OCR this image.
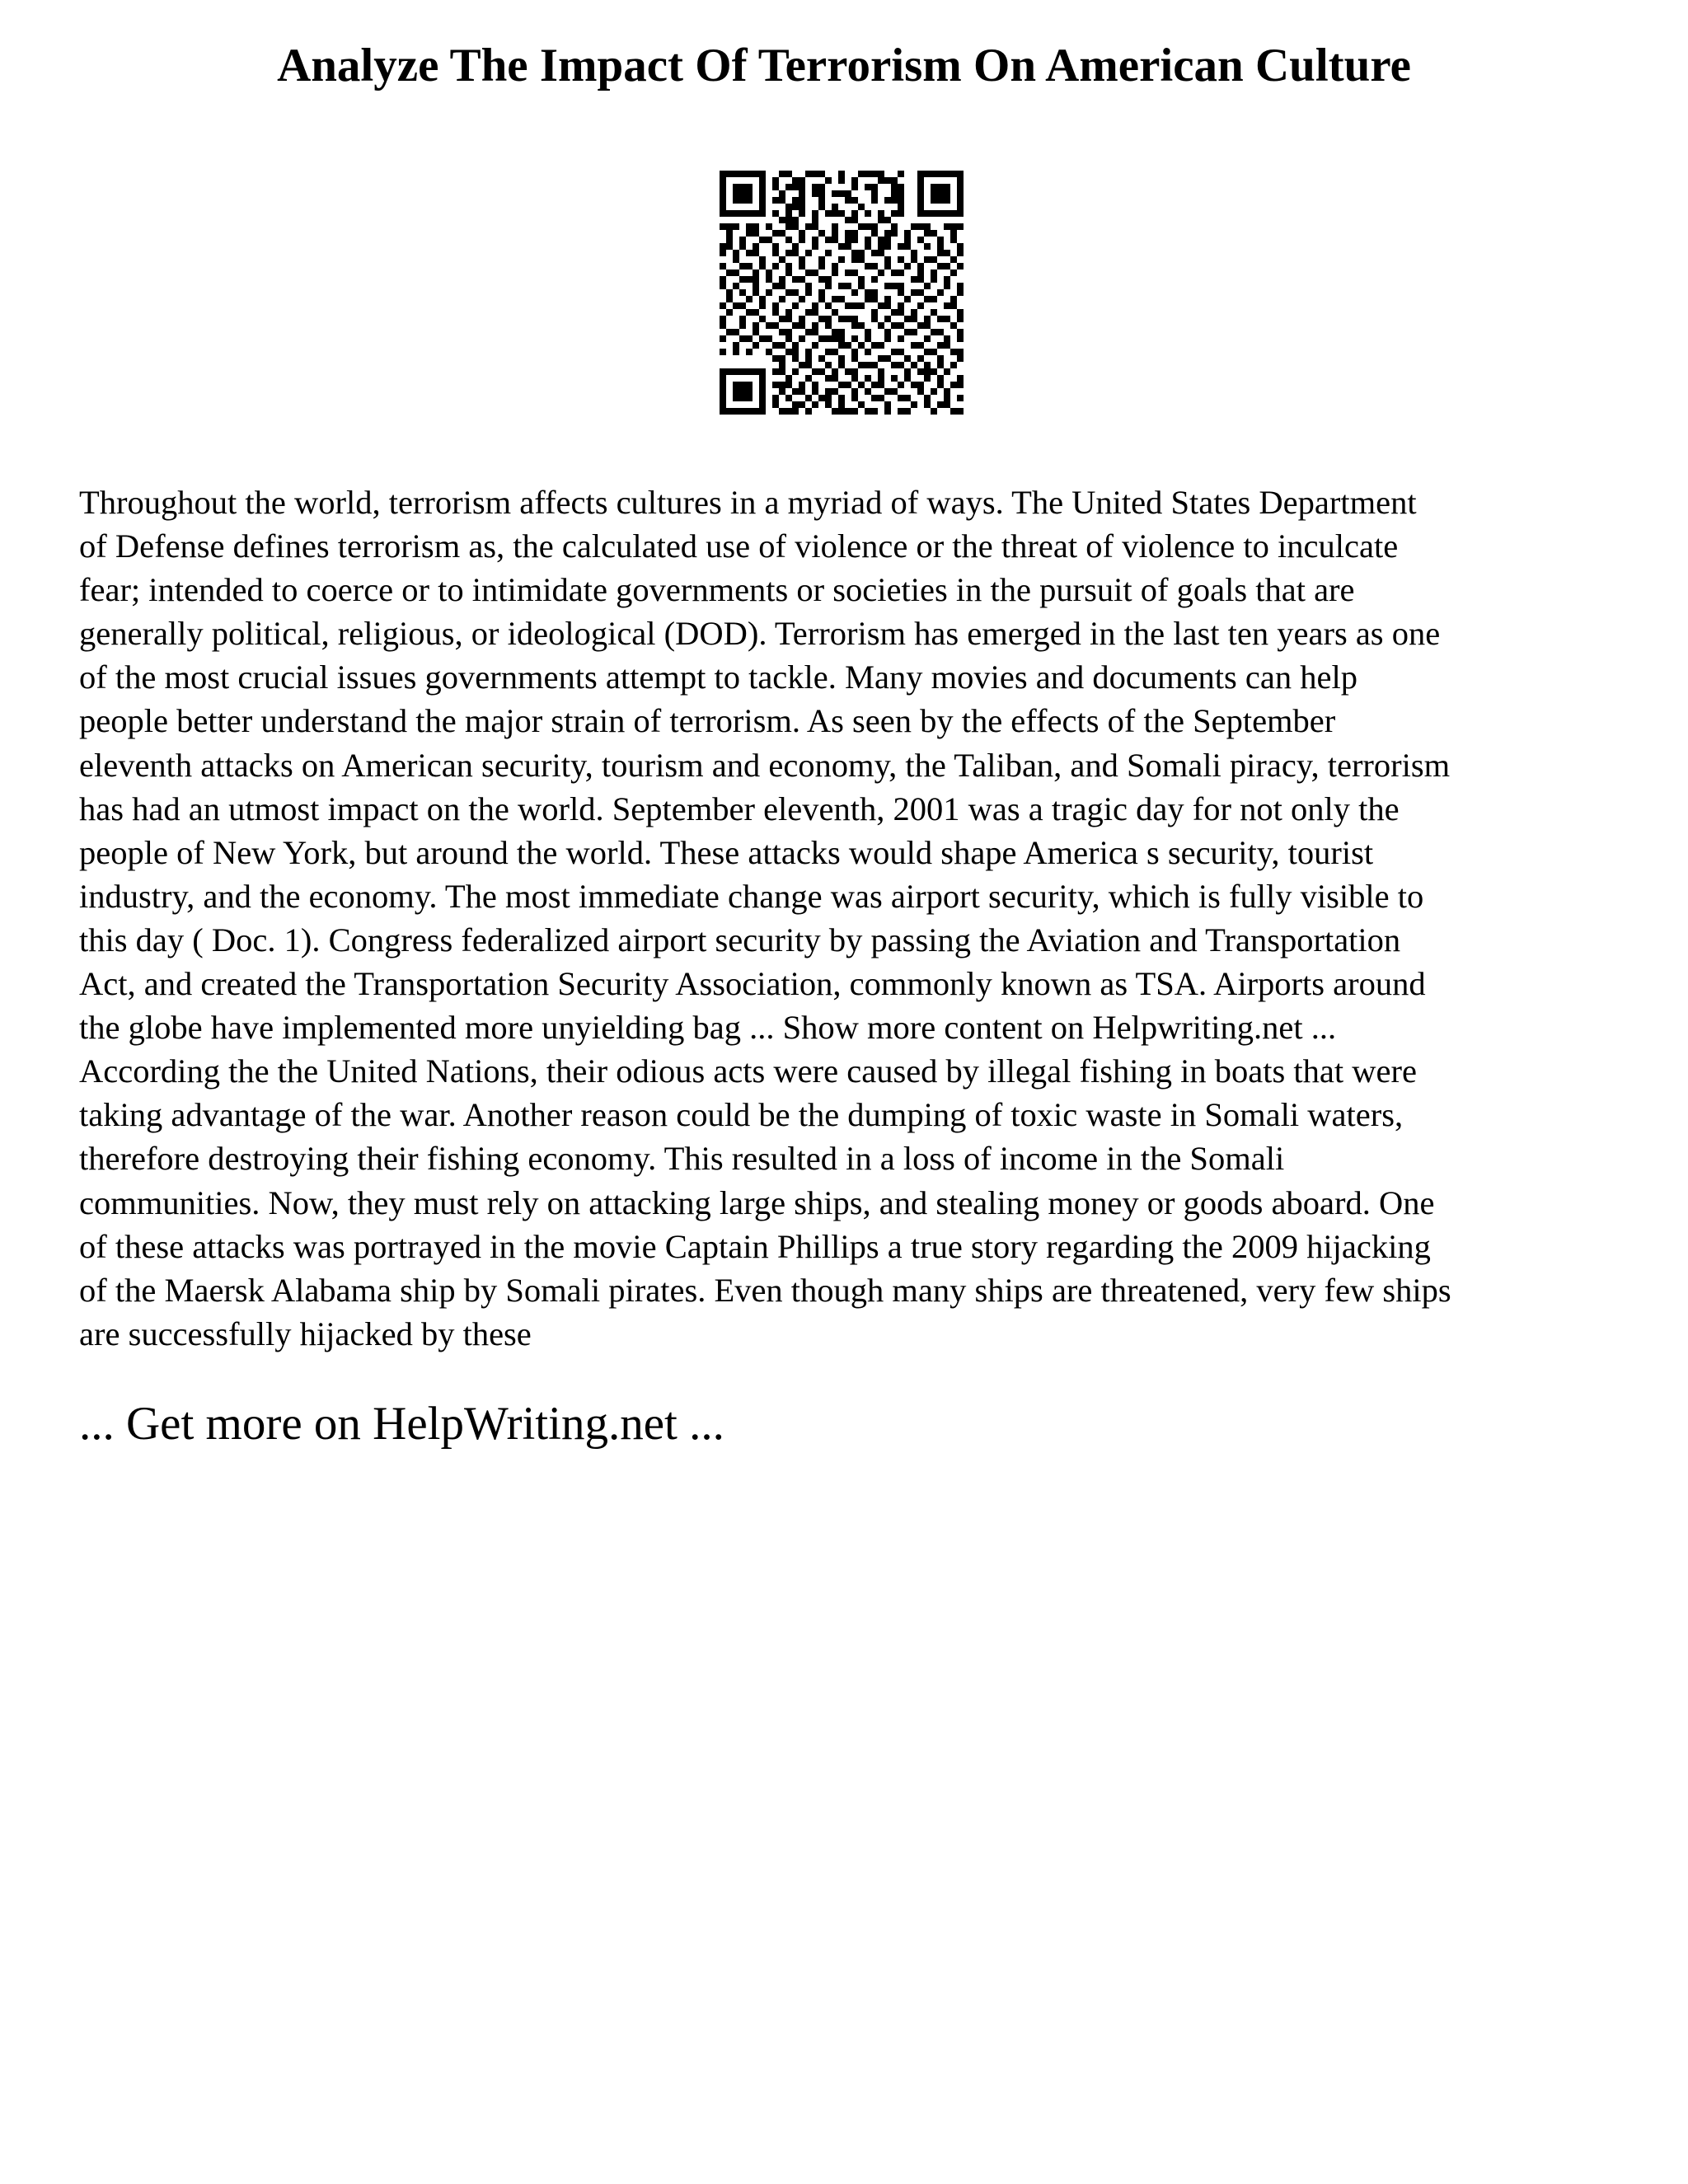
Analyze The Impact Of Terrorism On American Culture
Throughout the world, terrorism affects cultures in a myriad of ways. The United States Department
of Defense defines terrorism as, the calculated use of violence or the threat of violence to inculcate
fear; intended to coerce or to intimidate governments or societies in the pursuit of goals that are
generally political, religious, or ideological (DOD). Terrorism has emerged in the last ten years as one
of the most crucial issues governments attempt to tackle. Many movies and documents can help
people better understand the major strain of terrorism. As seen by the effects of the September
eleventh attacks on American security, tourism and economy, the Taliban, and Somali piracy, terrorism
has had an utmost impact on the world. September eleventh, 2001 was a tragic day for not only the
people of New York, but around the world. These attacks would shape America s security, tourist
industry, and the economy. The most immediate change was airport security, which is fully visible to
this day ( Doc. 1). Congress federalized airport security by passing the Aviation and Transportation
Act, and created the Transportation Security Association, commonly known as TSA. Airports around
the globe have implemented more unyielding bag ... Show more content on Helpwriting.net ...
According the the United Nations, their odious acts were caused by illegal fishing in boats that were
taking advantage of the war. Another reason could be the dumping of toxic waste in Somali waters,
therefore destroying their fishing economy. This resulted in a loss of income in the Somali
communities. Now, they must rely on attacking large ships, and stealing money or goods aboard. One
of these attacks was portrayed in the movie Captain Phillips a true story regarding the 2009 hijacking
of the Maersk Alabama ship by Somali pirates. Even though many ships are threatened, very few ships
are successfully hijacked by these
... Get more on HelpWriting.net ...
